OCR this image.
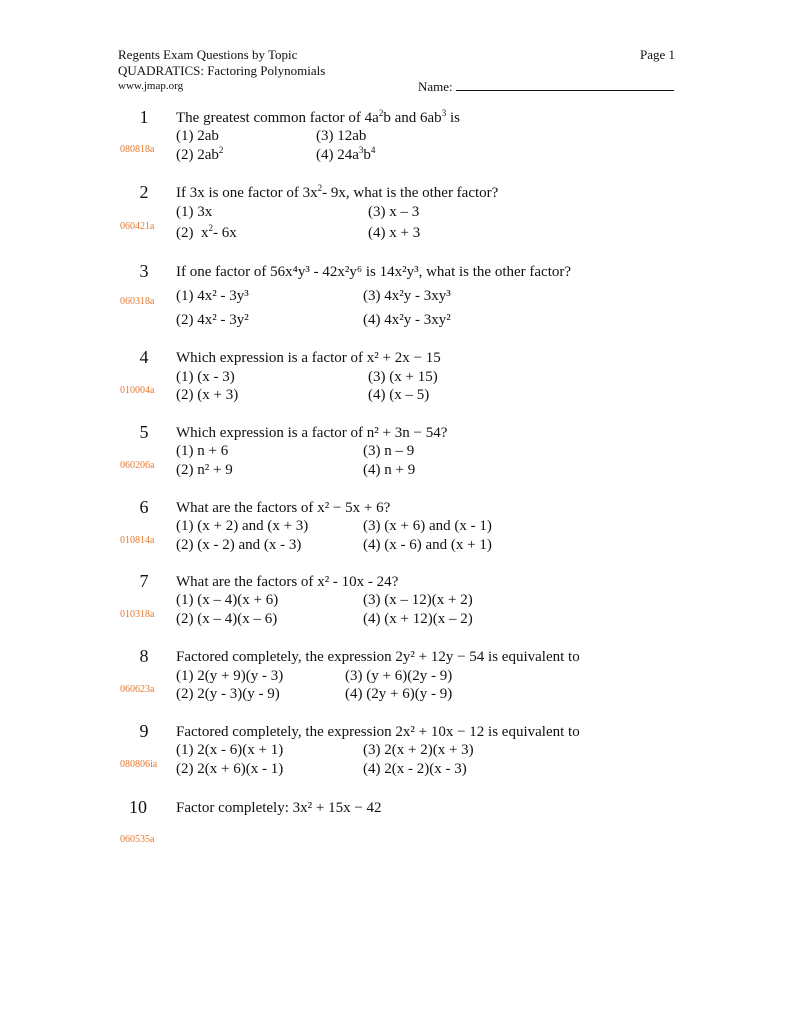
Regents Exam Questions by Topic
QUADRATICS: Factoring Polynomials
www.jmap.org
Page 1
Name:
1
080818a
The greatest common factor of $4a^2b$ and $6ab^3$ is
(1) 2ab	(3) 12ab
(2) $2ab^2$	(4) $24a^3b^4$
2
060421a
If 3x is one factor of $3x^2-$ 9x, what is the other factor?
(1) 3x	(3) x – 3
(2) $x^2-$ 6x	(4) x + 3
3
060318a
If one factor of 56x⁴y³ - 42x²y⁶ is 14x²y³, what is the other factor?
(1) 4x² - 3y³	(3) 4x²y - 3xy³
(2) 4x² - 3y²	(4) 4x²y - 3xy²
4
010004a
Which expression is a factor of x² + 2x − 15
(1) (x - 3)	(3) (x + 15)
(2) (x + 3)	(4) (x – 5)
5
060206a
Which expression is a factor of n² + 3n − 54?
(1) n + 6	(3) n – 9
(2) n² + 9	(4) n + 9
6
010814a
What are the factors of x² − 5x + 6?
(1) (x + 2) and (x + 3)	(3) (x + 6) and (x - 1)
(2) (x - 2) and (x - 3)	(4) (x - 6) and (x + 1)
7
010318a
What are the factors of x² - 10x - 24?
(1) (x – 4)(x + 6)	(3) (x – 12)(x + 2)
(2) (x – 4)(x – 6)	(4) (x + 12)(x – 2)
8
060623a
Factored completely, the expression 2y² + 12y − 54 is equivalent to
(1) 2(y + 9)(y - 3)	(3) (y + 6)(2y - 9)
(2) 2(y - 3)(y - 9)	(4) (2y + 6)(y - 9)
9
080806ia
Factored completely, the expression 2x² + 10x − 12 is equivalent to
(1) 2(x - 6)(x + 1)	(3) 2(x + 2)(x + 3)
(2) 2(x + 6)(x - 1)	(4) 2(x - 2)(x - 3)
10
060535a
Factor completely: 3x² + 15x − 42
